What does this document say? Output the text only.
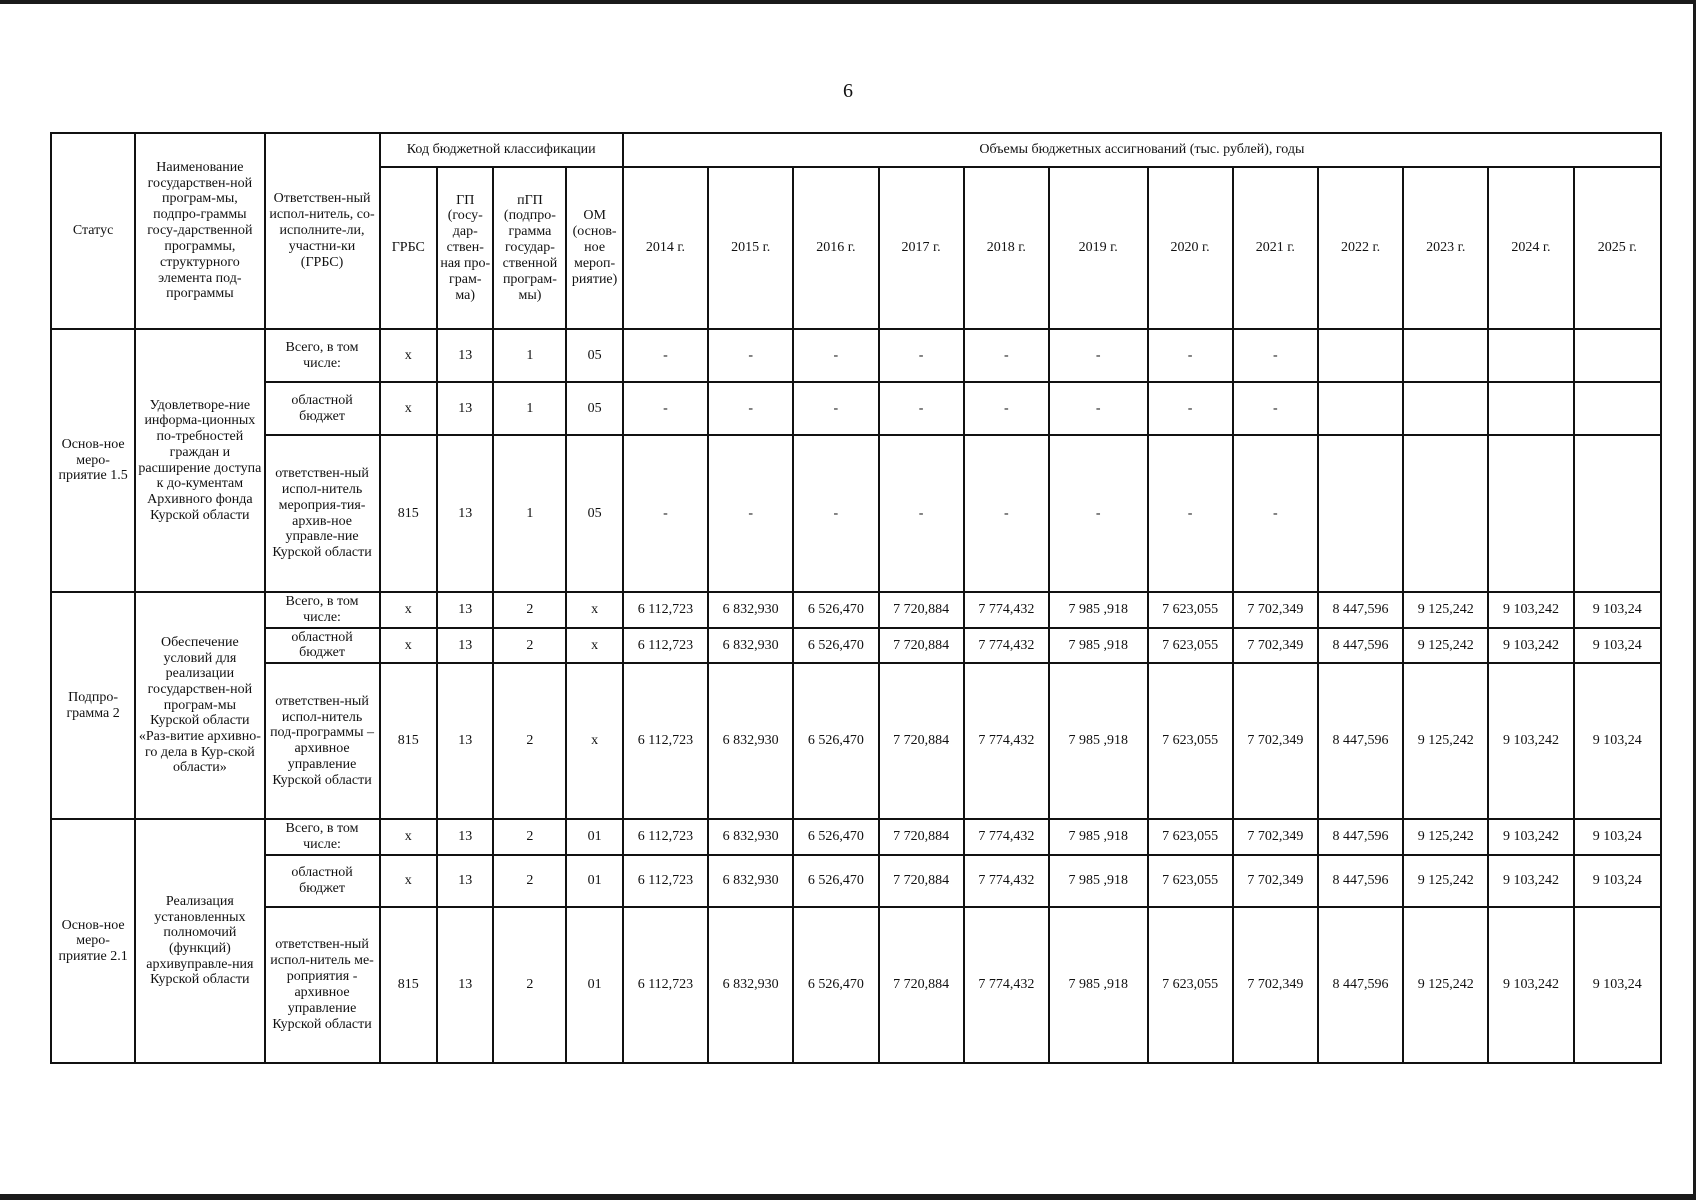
6
Статус	Наименование государствен-ной програм-мы, подпро-граммы госу-дарственной программы, структурного элемента под-программы	Ответствен-ный испол-нитель, со-исполните-ли, участни-ки (ГРБС)	Код бюджетной классификации				Объемы бюджетных ассигнований (тыс. рублей), годы											
			ГРБС	ГП (госу-дар-ствен-ная про-грам-ма)	пГП (подпро-грамма государ-ственной програм-мы)	ОМ (основ-ное мероп-риятие)	2014 г.	2015 г.	2016 г.	2017 г.	2018 г.	2019 г.	2020 г.	2021 г.	2022 г.	2023 г.	2024 г.	2025 г.
Основ-ное меро-приятие 1.5	Удовлетворе-ние информа-ционных по-требностей граждан и расширение доступа к до-кументам Архивного фонда Курской области	Всего, в том числе:	х	13	1	05	-	-	-	-	-	-	-	-				
		областной бюджет	х	13	1	05	-	-	-	-	-	-	-	-				
		ответствен-ный испол-нитель мероприя-тия- архив-ное управле-ние Курской области	815	13	1	05	-	-	-	-	-	-	-	-				
Подпро-грамма 2	Обеспечение условий для реализации государствен-ной програм-мы Курской области «Раз-витие архивно-го дела в Кур-ской области»	Всего, в том числе:	х	13	2	х	6 112,723	6 832,930	6 526,470	7 720,884	7 774,432	7 985 ,918	7 623,055	7 702,349	8 447,596	9 125,242	9 103,242	9 103,24
		областной бюджет	х	13	2	х	6 112,723	6 832,930	6 526,470	7 720,884	7 774,432	7 985 ,918	7 623,055	7 702,349	8 447,596	9 125,242	9 103,242	9 103,24
		ответствен-ный испол-нитель под-программы – архивное управление Курской области	815	13	2	х	6 112,723	6 832,930	6 526,470	7 720,884	7 774,432	7 985 ,918	7 623,055	7 702,349	8 447,596	9 125,242	9 103,242	9 103,24
Основ-ное меро-приятие 2.1	Реализация установленных полномочий (функций) архивуправле-ния Курской области	Всего, в том числе:	х	13	2	01	6 112,723	6 832,930	6 526,470	7 720,884	7 774,432	7 985 ,918	7 623,055	7 702,349	8 447,596	9 125,242	9 103,242	9 103,24
		областной бюджет	х	13	2	01	6 112,723	6 832,930	6 526,470	7 720,884	7 774,432	7 985 ,918	7 623,055	7 702,349	8 447,596	9 125,242	9 103,242	9 103,24
		ответствен-ный испол-нитель ме-роприятия - архивное управление Курской области	815	13	2	01	6 112,723	6 832,930	6 526,470	7 720,884	7 774,432	7 985 ,918	7 623,055	7 702,349	8 447,596	9 125,242	9 103,242	9 103,24
